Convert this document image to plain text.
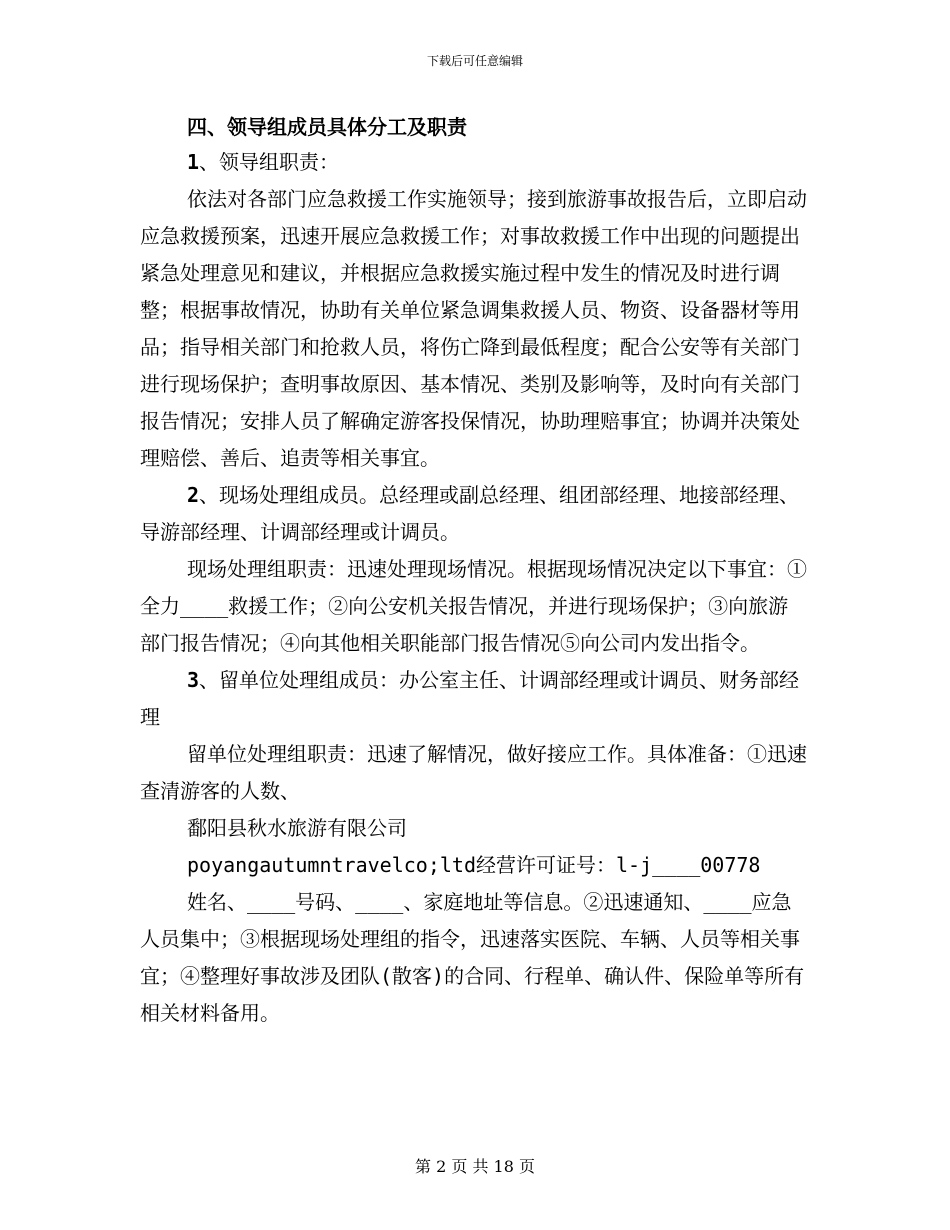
下载后可任意编辑
四、领导组成员具体分工及职责

1、领导组职责：

依法对各部门应急救援工作实施领导；接到旅游事故报告后，立即启动应急救援预案，迅速开展应急救援工作；对事故救援工作中出现的问题提出紧急处理意见和建议，并根据应急救援实施过程中发生的情况及时进行调整；根据事故情况，协助有关单位紧急调集救援人员、物资、设备器材等用品；指导相关部门和抢救人员，将伤亡降到最低程度；配合公安等有关部门进行现场保护；查明事故原因、基本情况、类别及影响等，及时向有关部门报告情况；安排人员了解确定游客投保情况，协助理赔事宜；协调并决策处理赔偿、善后、追责等相关事宜。

2、现场处理组成员。总经理或副总经理、组团部经理、地接部经理、导游部经理、计调部经理或计调员。

现场处理组职责：迅速处理现场情况。根据现场情况决定以下事宜：①全力____救援工作；②向公安机关报告情况，并进行现场保护；③向旅游部门报告情况；④向其他相关职能部门报告情况⑤向公司内发出指令。

3、留单位处理组成员：办公室主任、计调部经理或计调员、财务部经理

留单位处理组职责：迅速了解情况，做好接应工作。具体准备：①迅速查清游客的人数、

鄱阳县秋水旅游有限公司

poyangautumntravelco;ltd经营许可证号：l-j____00778

姓名、____号码、____、家庭地址等信息。②迅速通知、____应急人员集中；③根据现场处理组的指令，迅速落实医院、车辆、人员等相关事宜；④整理好事故涉及团队(散客)的合同、行程单、确认件、保险单等所有相关材料备用。

第 2 页 共 18 页
